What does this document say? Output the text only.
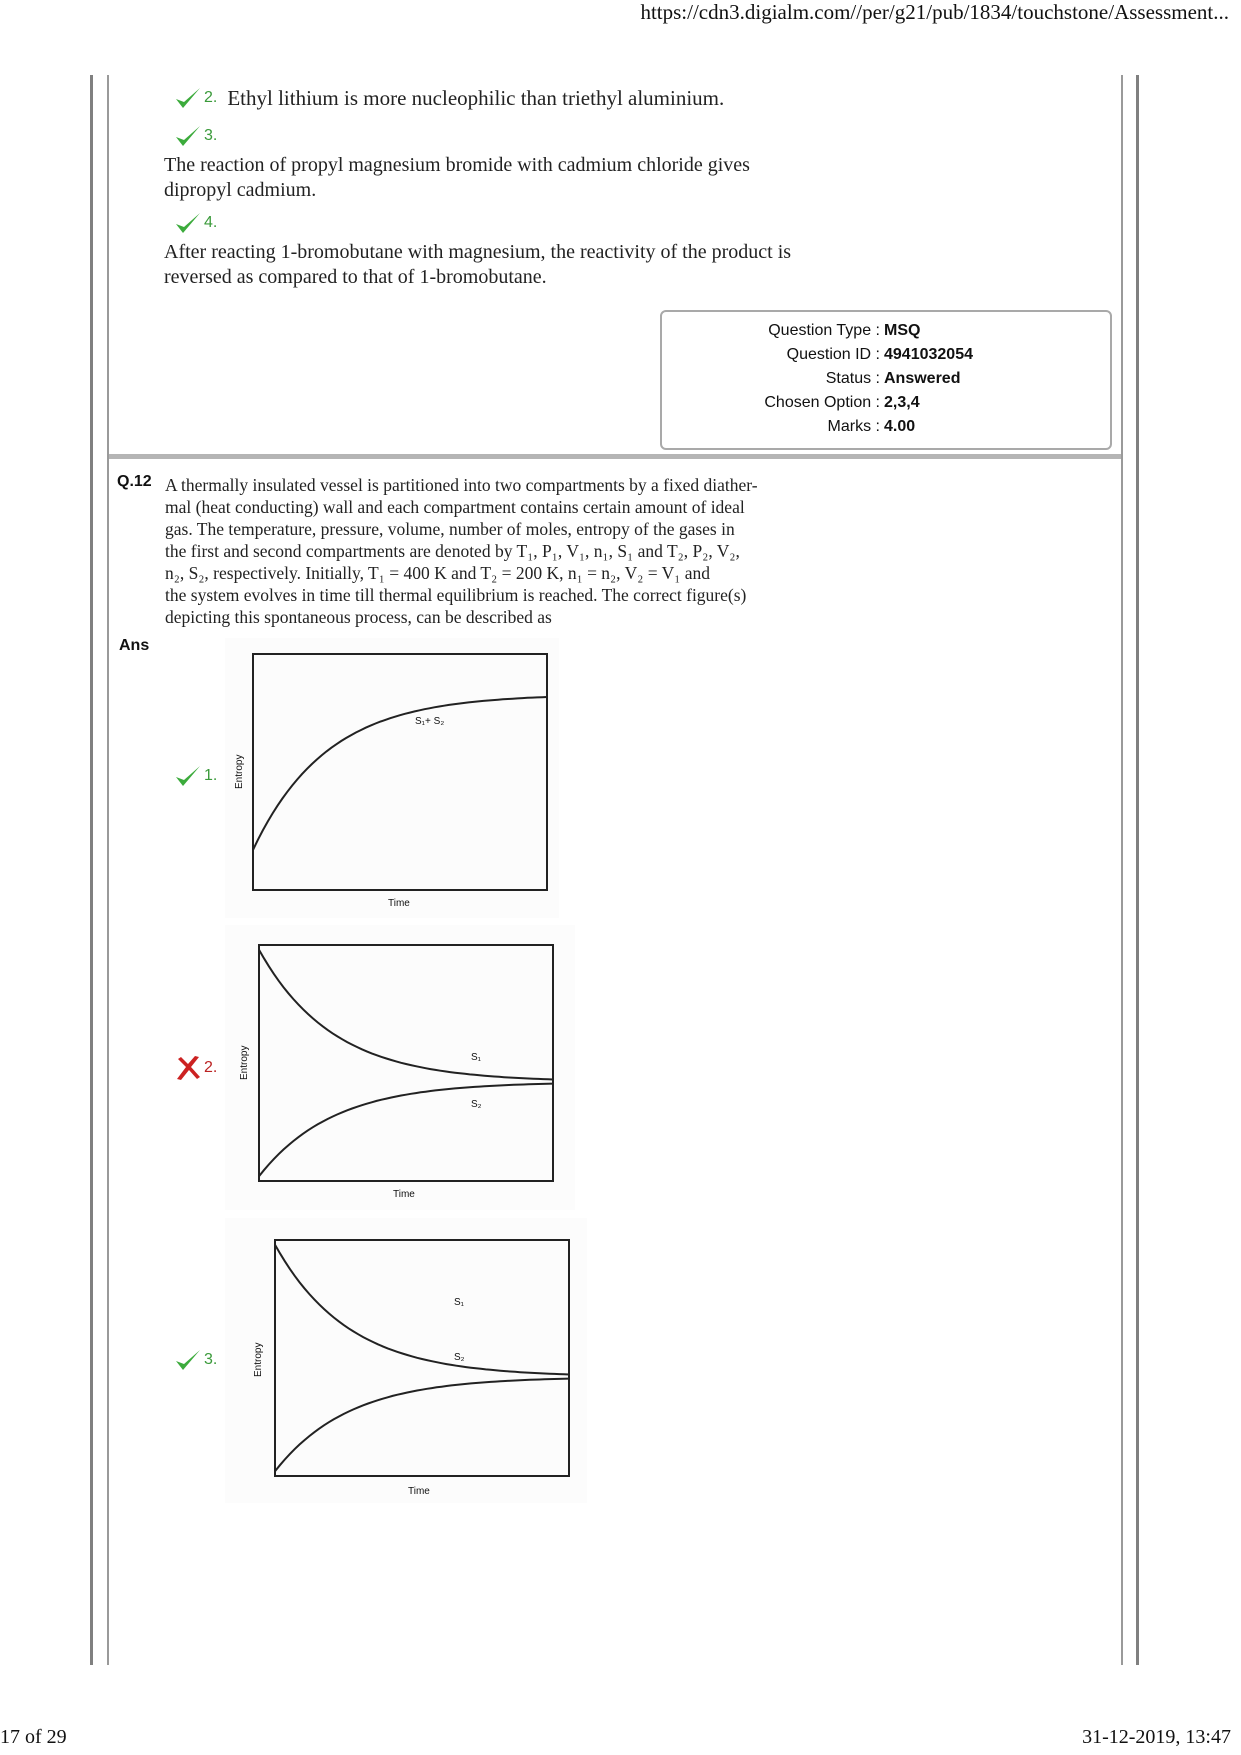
https://cdn3.digialm.com//per/g21/pub/1834/touchstone/Assessment...
2. Ethyl lithium is more nucleophilic than triethyl aluminium.
3.
The reaction of propyl magnesium bromide with cadmium chloride gives dipropyl cadmium.
4.
After reacting 1-bromobutane with magnesium, the reactivity of the product is reversed as compared to that of 1-bromobutane.
Question Type : MSQ
Question ID : 4941032054
Status : Answered
Chosen Option : 2,3,4
Marks : 4.00
Q.12 A thermally insulated vessel is partitioned into two compartments by a fixed diather-
mal (heat conducting) wall and each compartment contains certain amount of ideal
gas. The temperature, pressure, volume, number of moles, entropy of the gases in
the first and second compartments are denoted by T₁, P₁, V₁, n₁, S₁ and T₂, P₂, V₂,
n₂, S₂, respectively. Initially, T₁ = 400 K and T₂ = 200 K, n₁ = n₂, V₂ = V₁ and
the system evolves in time till thermal equilibrium is reached. The correct figure(s)
depicting this spontaneous process, can be described as
Ans
1.
S₁+ S₂
Time
Entropy
2.
S₁
S₂
Time
Entropy
3.
S₁
S₂
Time
Entropy
17 of 29	31-12-2019, 13:47
